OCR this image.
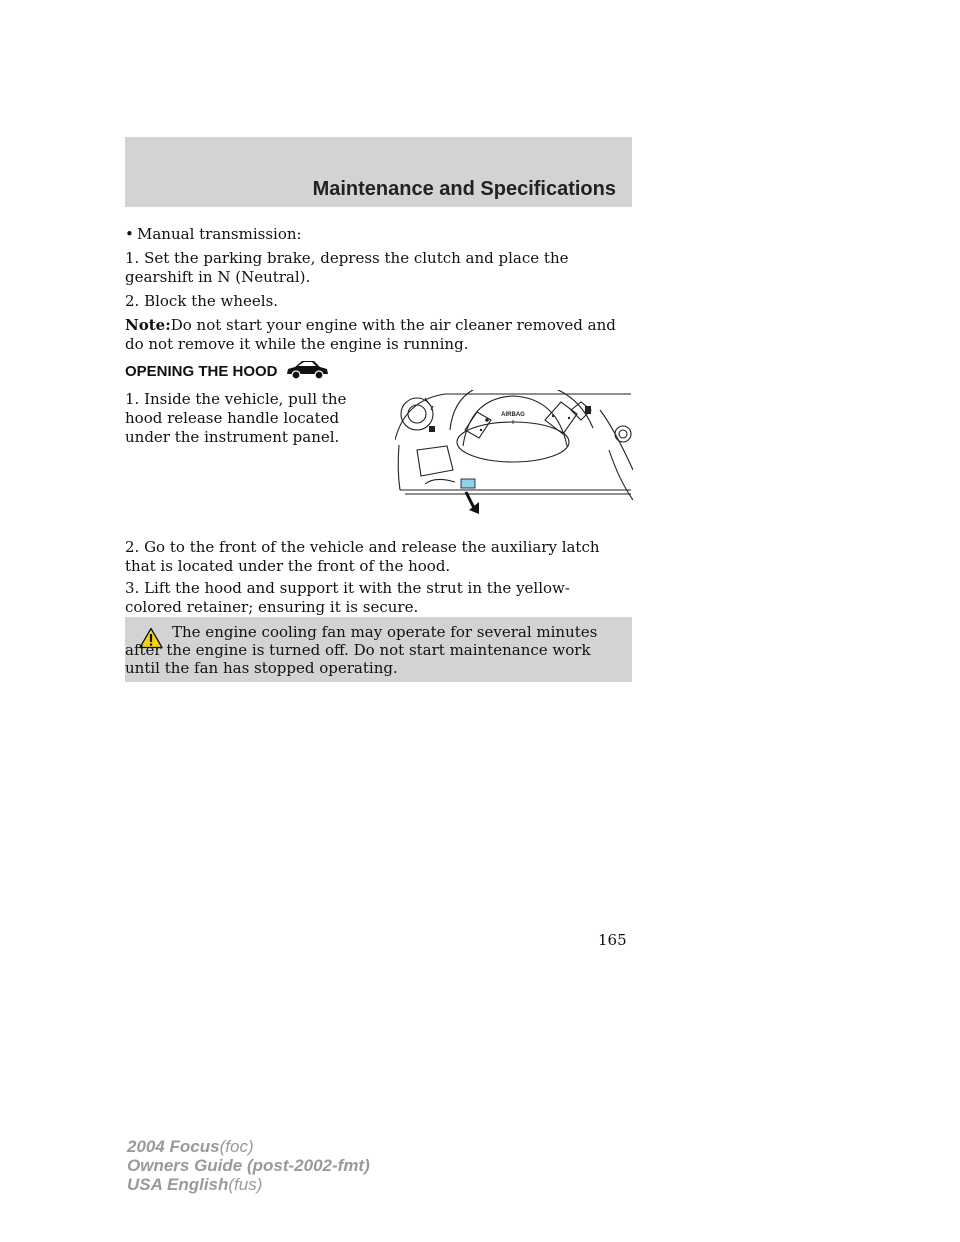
Maintenance and Specifications

• Manual transmission:

1. Set the parking brake, depress the clutch and place the gearshift in N (Neutral).

2. Block the wheels.

Note:Do not start your engine with the air cleaner removed and do not remove it while the engine is running.

OPENING THE HOOD

1. Inside the vehicle, pull the hood release handle located under the instrument panel.

AIRBAG

2. Go to the front of the vehicle and release the auxiliary latch that is located under the front of the hood.

3. Lift the hood and support it with the strut in the yellow-colored retainer; ensuring it is secure.

The engine cooling fan may operate for several minutes after the engine is turned off. Do not start maintenance work until the fan has stopped operating.

165
2004 Focus(foc)
Owners Guide (post-2002-fmt)
USA English(fus)
